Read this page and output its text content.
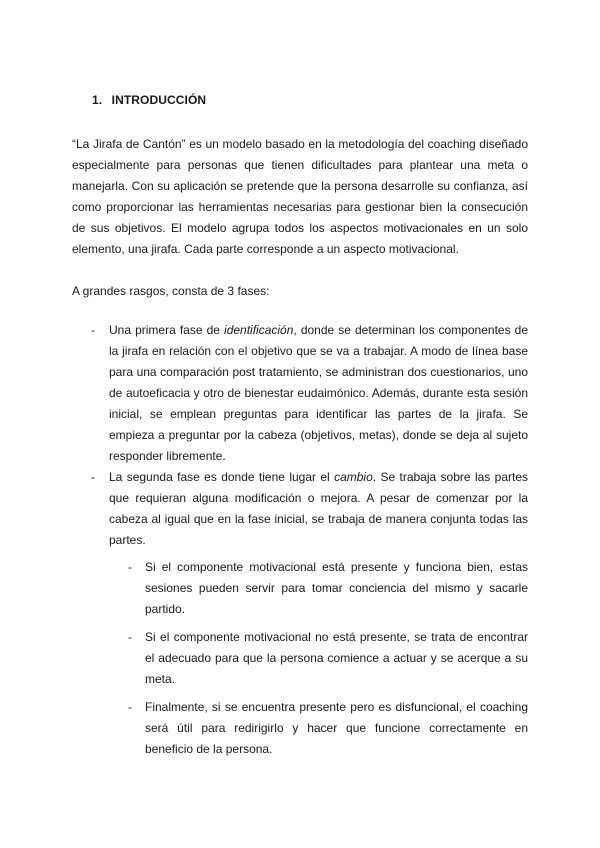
1. INTRODUCCIÓN

“La Jirafa de Cantón” es un modelo basado en la metodología del coaching diseñado especialmente para personas que tienen dificultades para plantear una meta o manejarla. Con su aplicación se pretende que la persona desarrolle su confianza, así como proporcionar las herramientas necesarias para gestionar bien la consecución de sus objetivos. El modelo agrupa todos los aspectos motivacionales en un solo elemento, una jirafa. Cada parte corresponde a un aspecto motivacional.

A grandes rasgos, consta de 3 fases:

- Una primera fase de identificación, donde se determinan los componentes de la jirafa en relación con el objetivo que se va a trabajar. A modo de línea base para una comparación post tratamiento, se administran dos cuestionarios, uno de autoeficacia y otro de bienestar eudaimónico. Además, durante esta sesión inicial, se emplean preguntas para identificar las partes de la jirafa. Se empieza a preguntar por la cabeza (objetivos, metas), donde se deja al sujeto responder libremente.
- La segunda fase es donde tiene lugar el cambio. Se trabaja sobre las partes que requieran alguna modificación o mejora. A pesar de comenzar por la cabeza al igual que en la fase inicial, se trabaja de manera conjunta todas las partes.
- Si el componente motivacional está presente y funciona bien, estas sesiones pueden servir para tomar conciencia del mismo y sacarle partido.
- Si el componente motivacional no está presente, se trata de encontrar el adecuado para que la persona comience a actuar y se acerque a su meta.
- Finalmente, si se encuentra presente pero es disfuncional, el coaching será útil para redirigirlo y hacer que funcione correctamente en beneficio de la persona.
